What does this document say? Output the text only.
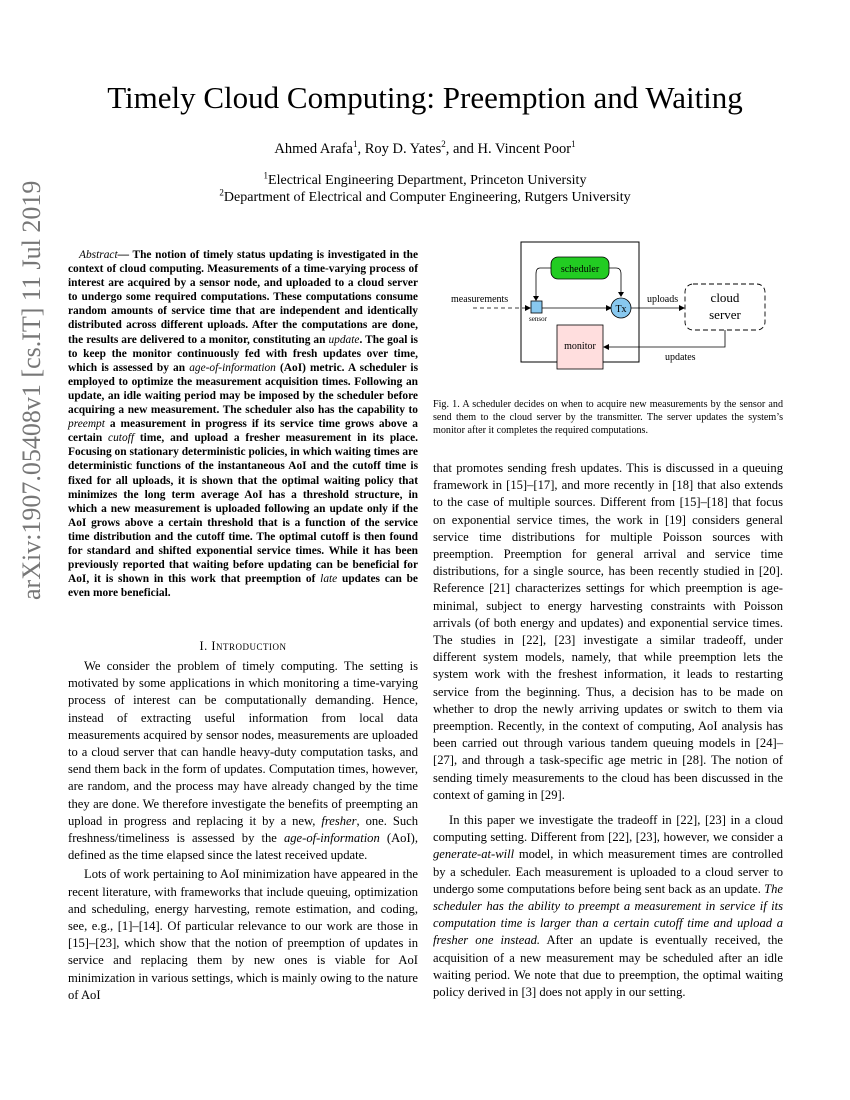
arXiv:1907.05408v1 [cs.IT] 11 Jul 2019
Timely Cloud Computing: Preemption and Waiting
Ahmed Arafa$^1$, Roy D. Yates$^2$, and H. Vincent Poor$^1$
$^1$Electrical Engineering Department, Princeton University
$^2$Department of Electrical and Computer Engineering, Rutgers University
Abstract— The notion of timely status updating is investigated in the context of cloud computing. Measurements of a time-varying process of interest are acquired by a sensor node, and uploaded to a cloud server to undergo some required computations. These computations consume random amounts of service time that are independent and identically distributed across different uploads. After the computations are done, the results are delivered to a monitor, constituting an update. The goal is to keep the monitor continuously fed with fresh updates over time, which is assessed by an age-of-information (AoI) metric. A scheduler is employed to optimize the measurement acquisition times. Following an update, an idle waiting period may be imposed by the scheduler before acquiring a new measurement. The scheduler also has the capability to preempt a measurement in progress if its service time grows above a certain cutoff time, and upload a fresher measurement in its place. Focusing on stationary deterministic policies, in which waiting times are deterministic functions of the instantaneous AoI and the cutoff time is fixed for all uploads, it is shown that the optimal waiting policy that minimizes the long term average AoI has a threshold structure, in which a new measurement is uploaded following an update only if the AoI grows above a certain threshold that is a function of the service time distribution and the cutoff time. The optimal cutoff is then found for standard and shifted exponential service times. While it has been previously reported that waiting before updating can be beneficial for AoI, it is shown in this work that preemption of late updates can be even more beneficial.
I. Introduction

We consider the problem of timely computing. The setting is motivated by some applications in which monitoring a time-varying process of interest can be computationally demanding. Hence, instead of extracting useful information from local data measurements acquired by sensor nodes, measurements are uploaded to a cloud server that can handle heavy-duty computation tasks, and send them back in the form of updates. Computation times, however, are random, and the process may have already changed by the time they are done. We therefore investigate the benefits of preempting an upload in progress and replacing it by a new, fresher, one. Such freshness/timeliness is assessed by the age-of-information (AoI), defined as the time elapsed since the latest received update.

Lots of work pertaining to AoI minimization have appeared in the recent literature, with frameworks that include queuing, optimization and scheduling, energy harvesting, remote estimation, and coding, see, e.g., [1]–[14]. Of particular relevance to our work are those in [15]–[23], which show that the notion of preemption of updates in service and replacing them by new ones is viable for AoI minimization in various settings, which is mainly owing to the nature of AoI

scheduler
measurements
sensor
Tx
uploads cloud
server
monitor
updates
Fig. 1. A scheduler decides on when to acquire new measurements by the sensor and send them to the cloud server by the transmitter. The server updates the system’s monitor after it completes the required computations.

that promotes sending fresh updates. This is discussed in a queuing framework in [15]–[17], and more recently in [18] that also extends to the case of multiple sources. Different from [15]–[18] that focus on exponential service times, the work in [19] considers general service time distributions for multiple Poisson sources with preemption. Preemption for general arrival and service time distributions, for a single source, has been recently studied in [20]. Reference [21] characterizes settings for which preemption is age-minimal, subject to energy harvesting constraints with Poisson arrivals (of both energy and updates) and exponential service times. The studies in [22], [23] investigate a similar tradeoff, under different system models, namely, that while preemption lets the system work with the freshest information, it leads to restarting service from the beginning. Thus, a decision has to be made on whether to drop the newly arriving updates or switch to them via preemption. Recently, in the context of computing, AoI analysis has been carried out through various tandem queuing models in [24]–[27], and through a task-specific age metric in [28]. The notion of sending timely measurements to the cloud has been discussed in the context of gaming in [29].

In this paper we investigate the tradeoff in [22], [23] in a cloud computing setting. Different from [22], [23], however, we consider a generate-at-will model, in which measurement times are controlled by a scheduler. Each measurement is uploaded to a cloud server to undergo some computations before being sent back as an update. The scheduler has the ability to preempt a measurement in service if its computation time is larger than a certain cutoff time and upload a fresher one instead. After an update is eventually received, the acquisition of a new measurement may be scheduled after an idle waiting period. We note that due to preemption, the optimal waiting policy derived in [3] does not apply in our setting.
